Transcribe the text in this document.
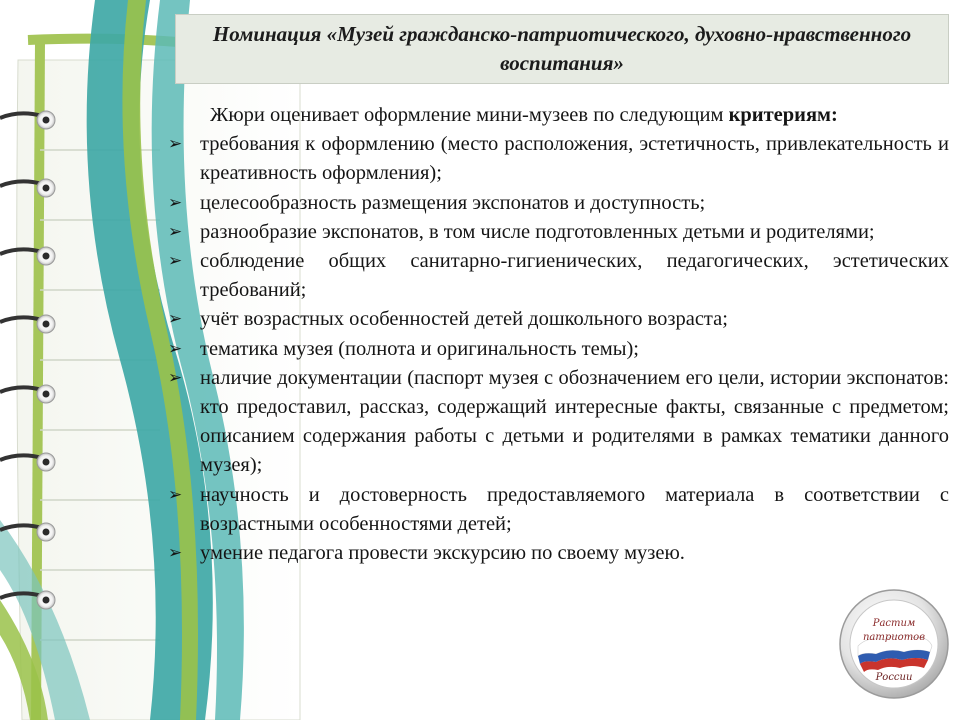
Номинация «Музей гражданско-патриотического, духовно-нравственного воспитания»

Жюри оценивает оформление мини-музеев по следующим критериям:

➢ требования к оформлению (место расположения, эстетичность, привлекательность и креативность оформления);
➢ целесообразность размещения экспонатов и доступность;
➢ разнообразие экспонатов, в том числе подготовленных детьми и родителями;
➢ соблюдение общих санитарно-гигиенических, педагогических, эстетических требований;
➢ учёт возрастных особенностей детей дошкольного возраста;
➢ тематика музея (полнота и оригинальность темы);
➢ наличие документации (паспорт музея с обозначением его цели, истории экспонатов: кто предоставил, рассказ, содержащий интересные факты, связанные с предметом; описанием содержания работы с детьми и родителями в рамках тематики данного музея);
➢ научность и достоверность предоставляемого материала в соответствии с возрастными особенностями детей;
➢ умение педагога провести экскурсию по своему музею.
Растим
патриотов
России
